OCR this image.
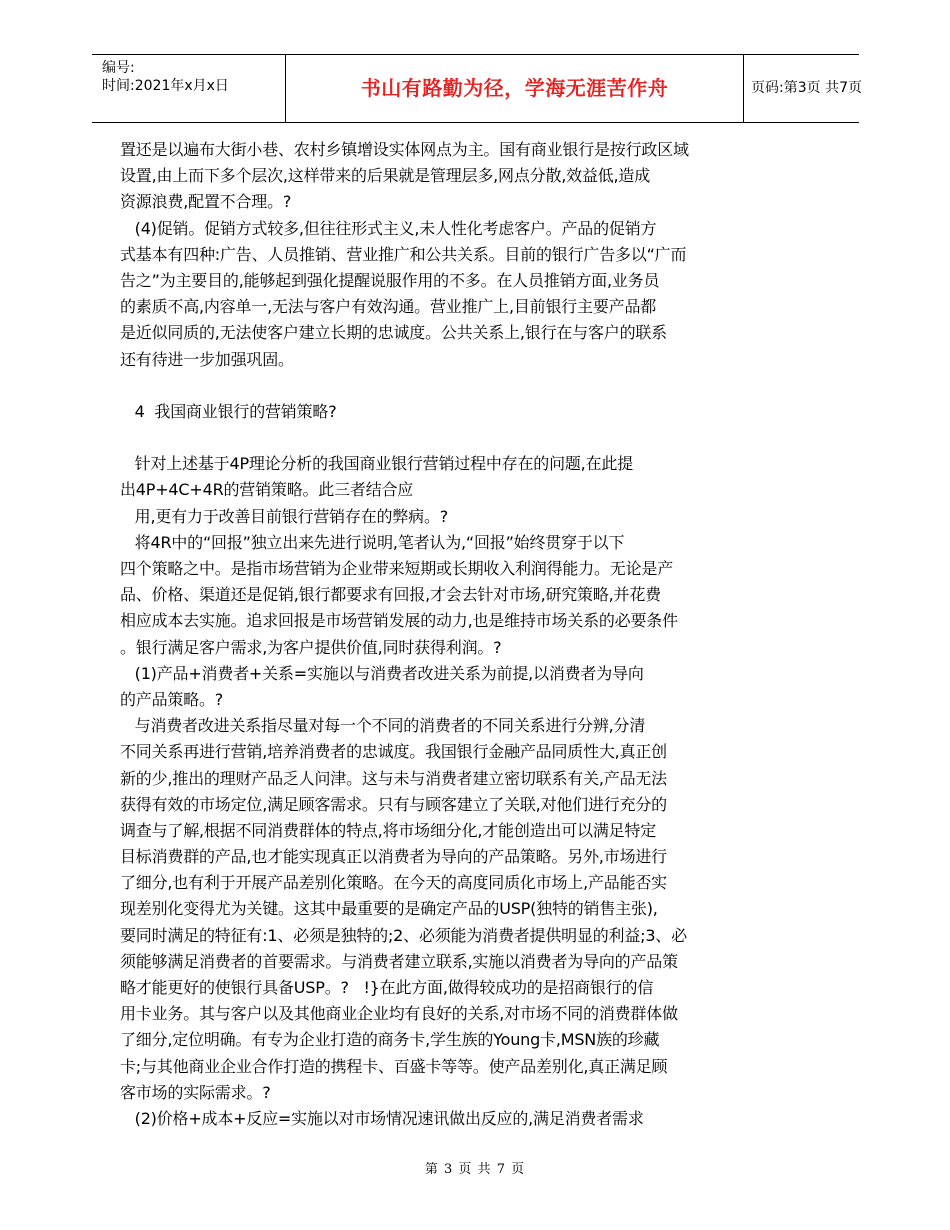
编号:
时间:2021年x月x日	书山有路勤为径，学海无涯苦作舟	页码:第3页 共7页
置还是以遍布大街小巷、农村乡镇增设实体网点为主。国有商业银行是按行政区域
设置,由上而下多个层次,这样带来的后果就是管理层多,网点分散,效益低,造成
资源浪费,配置不合理。?
(4)促销。促销方式较多,但往往形式主义,未人性化考虑客户。产品的促销方
式基本有四种:广告、人员推销、营业推广和公共关系。目前的银行广告多以“广而
告之”为主要目的,能够起到强化提醒说服作用的不多。在人员推销方面,业务员
的素质不高,内容单一,无法与客户有效沟通。营业推广上,目前银行主要产品都
是近似同质的,无法使客户建立长期的忠诚度。公共关系上,银行在与客户的联系
还有待进一步加强巩固。
4  我国商业银行的营销策略?
针对上述基于4P理论分析的我国商业银行营销过程中存在的问题,在此提
出4P+4C+4R的营销策略。此三者结合应
用,更有力于改善目前银行营销存在的弊病。?
将4R中的“回报”独立出来先进行说明,笔者认为,“回报”始终贯穿于以下
四个策略之中。是指市场营销为企业带来短期或长期收入利润得能力。无论是产
品、价格、渠道还是促销,银行都要求有回报,才会去针对市场,研究策略,并花费
相应成本去实施。追求回报是市场营销发展的动力,也是维持市场关系的必要条件
。银行满足客户需求,为客户提供价值,同时获得利润。?
(1)产品+消费者+关系=实施以与消费者改进关系为前提,以消费者为导向
的产品策略。?
与消费者改进关系指尽量对每一个不同的消费者的不同关系进行分辨,分清
不同关系再进行营销,培养消费者的忠诚度。我国银行金融产品同质性大,真正创
新的少,推出的理财产品乏人问津。这与未与消费者建立密切联系有关,产品无法
获得有效的市场定位,满足顾客需求。只有与顾客建立了关联,对他们进行充分的
调查与了解,根据不同消费群体的特点,将市场细分化,才能创造出可以满足特定
目标消费群的产品,也才能实现真正以消费者为导向的产品策略。另外,市场进行
了细分,也有利于开展产品差别化策略。在今天的高度同质化市场上,产品能否实
现差别化变得尤为关键。这其中最重要的是确定产品的USP(独特的销售主张),
要同时满足的特征有:1、必须是独特的;2、必须能为消费者提供明显的利益;3、必
须能够满足消费者的首要需求。与消费者建立联系,实施以消费者为导向的产品策
略才能更好的使银行具备USP。?   !}在此方面,做得较成功的是招商银行的信
用卡业务。其与客户以及其他商业企业均有良好的关系,对市场不同的消费群体做
了细分,定位明确。有专为企业打造的商务卡,学生族的Young卡,MSN族的珍藏
卡;与其他商业企业合作打造的携程卡、百盛卡等等。使产品差别化,真正满足顾
客市场的实际需求。?
(2)价格+成本+反应=实施以对市场情况速讯做出反应的,满足消费者需求
第 3 页 共 7 页
